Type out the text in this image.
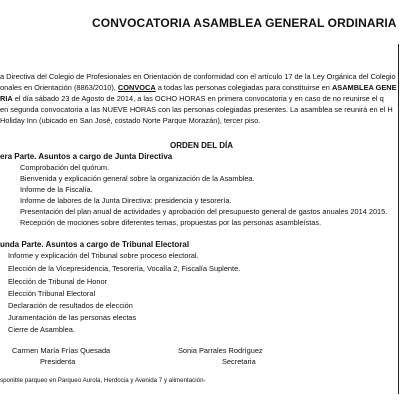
CONVOCATORIA ASAMBLEA GENERAL ORDINARIA
a Directiva del Colegio de Profesionales en Orientación de conformidad con el artículo 17 de la Ley Orgánica del Colegio
onales en Orientación (8863/2010), CONVOCA a todas las personas colegiadas para constituirse en ASAMBLEA GENE
RIA el día sábado 23 de Agosto de 2014, a las OCHO HORAS en primera convocatoria y en caso de no reunirse el q
en segunda convocatoria a las NUEVE HORAS con las personas colegiadas presentes. La asamblea se reunirá en el H
Holiday Inn (ubicado en San José, costado Norte Parque Morazán), tercer piso.
ORDEN DEL DÍA
era Parte. Asuntos a cargo de Junta Directiva
Comprobación del quórum.
Bienvenida y explicación general sobre la organización de la Asamblea.
Informe de la Fiscalía.
Informe de labores de la Junta Directiva: presidencia y tesorería.
Presentación del plan anual de actividades y aprobación del presupuesto general de gastos anuales 2014 2015.
Recepción de mociones sobre diferentes temas, propuestas por las personas asambleístas.
unda Parte. Asuntos a cargo de Tribunal Electoral
Informe y explicación del Tribunal sobre proceso electoral.
Elección de la Vicepresidencia, Tesorería, Vocalía 2, Fiscalía Suplente.
Elección de Tribunal de Honor
Elección Tribunal Electoral
Declaración de resultados de elección
Juramentación de las personas electas
Cierre de Asamblea.
Carmen María Frías Quesada
Presidenta
Sonia Parrales Rodríguez
Secretaria
sponible parqueo en Parqueo Aurola, Herdocia y Avenida 7 y alimentación-
